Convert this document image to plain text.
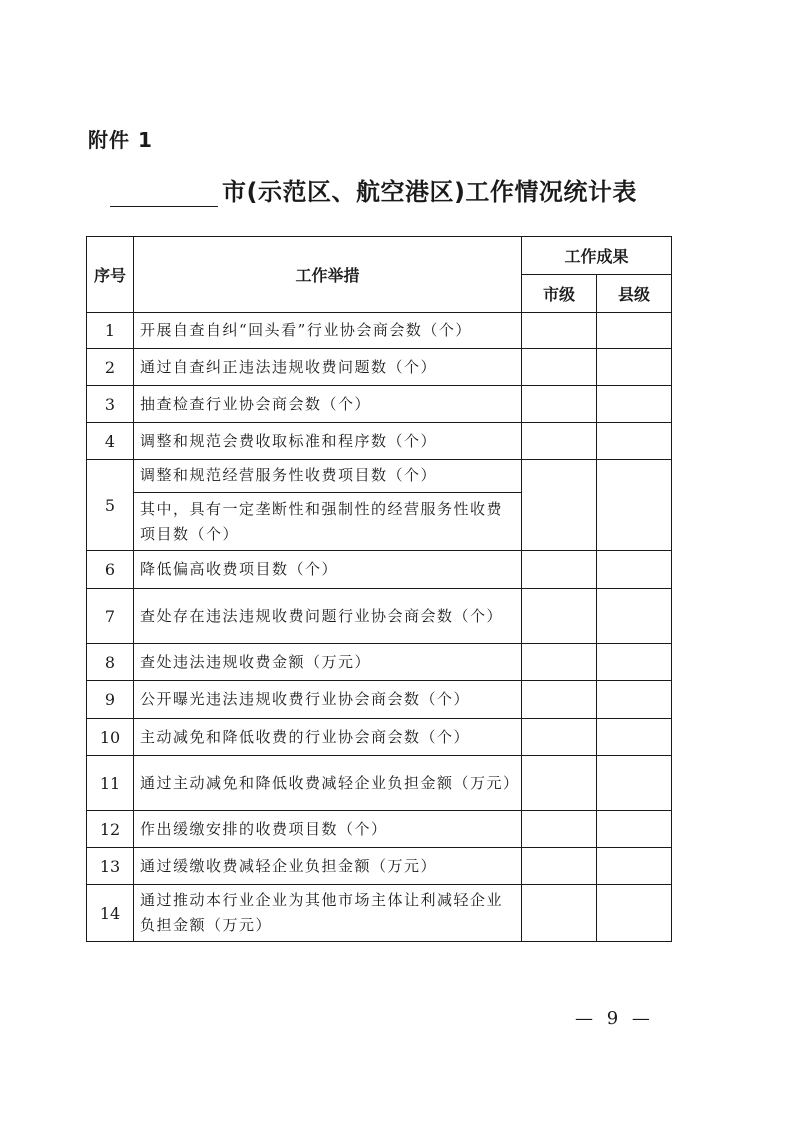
附件 1
市(示范区、航空港区)工作情况统计表
序号	工作举措	工作成果	
		市级	县级
1	开展自查自纠“回头看”行业协会商会数（个）		

2	通过自查纠正违法违规收费问题数（个）		

3	抽查检查行业协会商会数（个）		

4	调整和规范会费收取标准和程序数（个）		

5	调整和规范经营服务性收费项目数（个）
其中，具有一定垄断性和强制性的经营服务性收费项目数（个）		

6	降低偏高收费项目数（个）		

7	查处存在违法违规收费问题行业协会商会数（个）		

8	查处违法违规收费金额（万元）		

9	公开曝光违法违规收费行业协会商会数（个）		

10	主动减免和降低收费的行业协会商会数（个）		

11	通过主动减免和降低收费减轻企业负担金额（万元）		

12	作出缓缴安排的收费项目数（个）		

13	通过缓缴收费减轻企业负担金额（万元）		

14	通过推动本行业企业为其他市场主体让利减轻企业负担金额（万元）		

— 9 —
